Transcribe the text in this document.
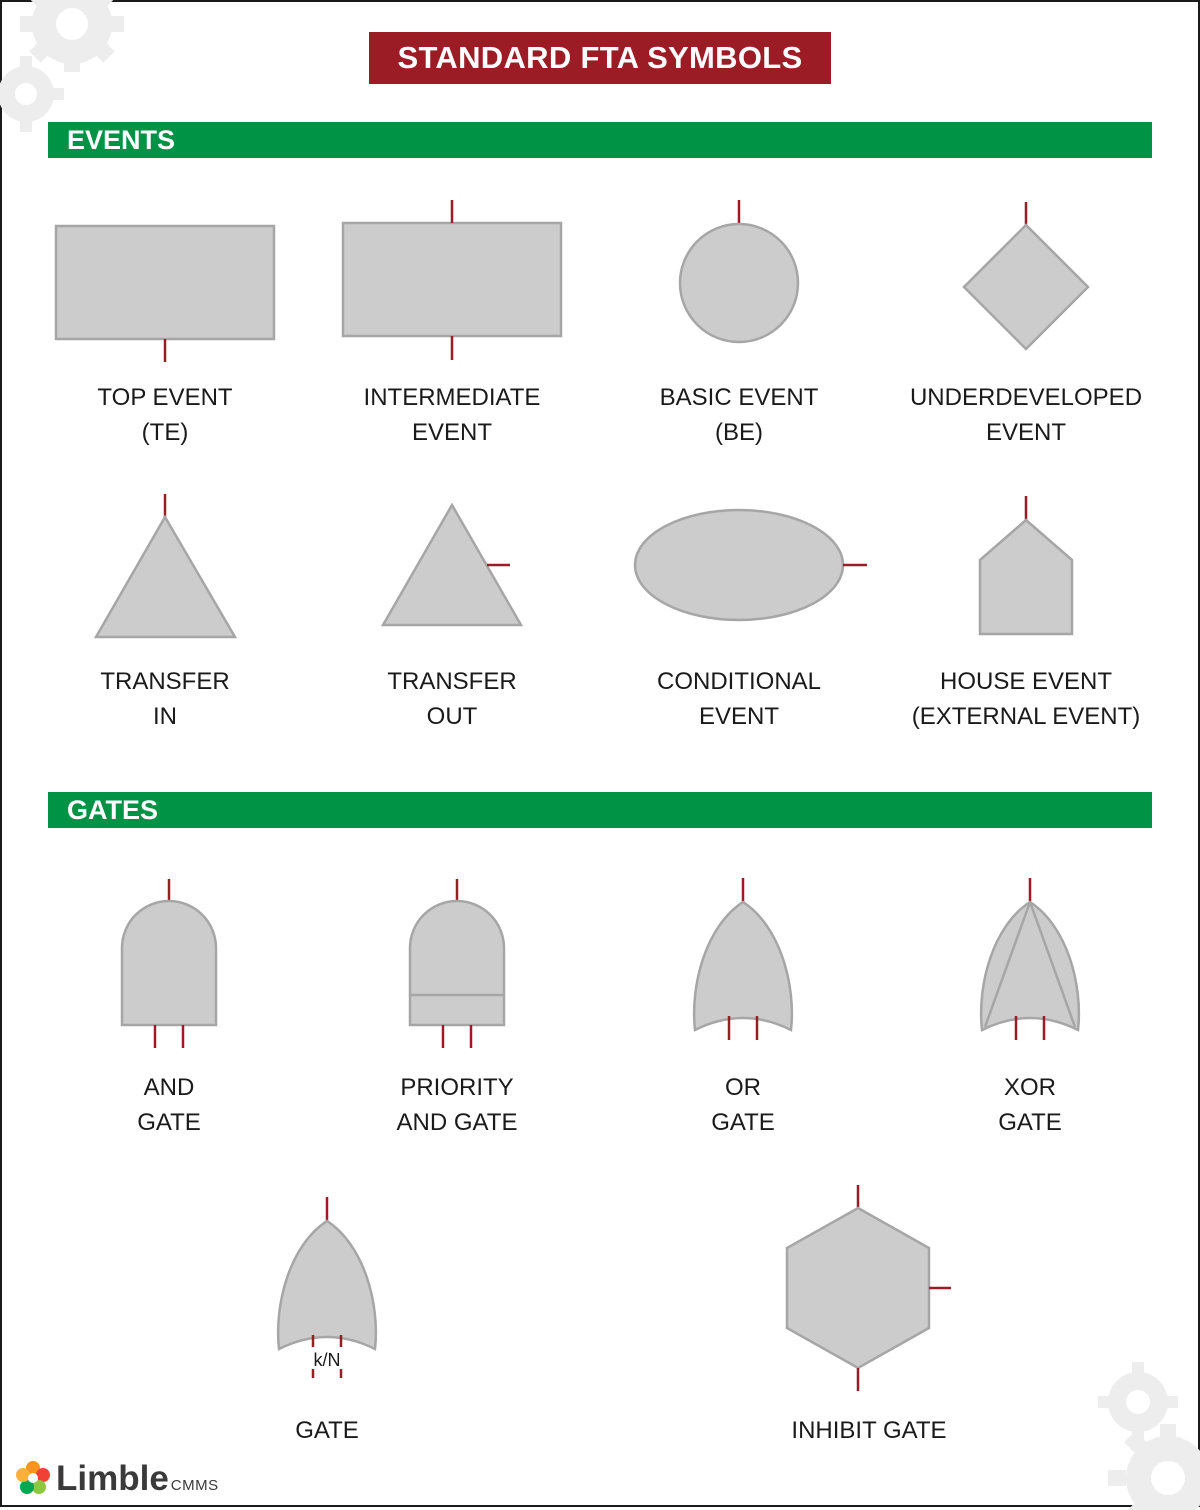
STANDARD FTA SYMBOLS
EVENTS
GATES
k/N
TOP EVENT
(TE)
INTERMEDIATE
EVENT
BASIC EVENT
(BE)
UNDERDEVELOPED
EVENT
TRANSFER
IN
TRANSFER
OUT
CONDITIONAL
EVENT
HOUSE EVENT
(EXTERNAL EVENT)
AND
GATE
PRIORITY
AND GATE
OR
GATE
XOR
GATE
GATE	INHIBIT GATE
Limble CMMS
